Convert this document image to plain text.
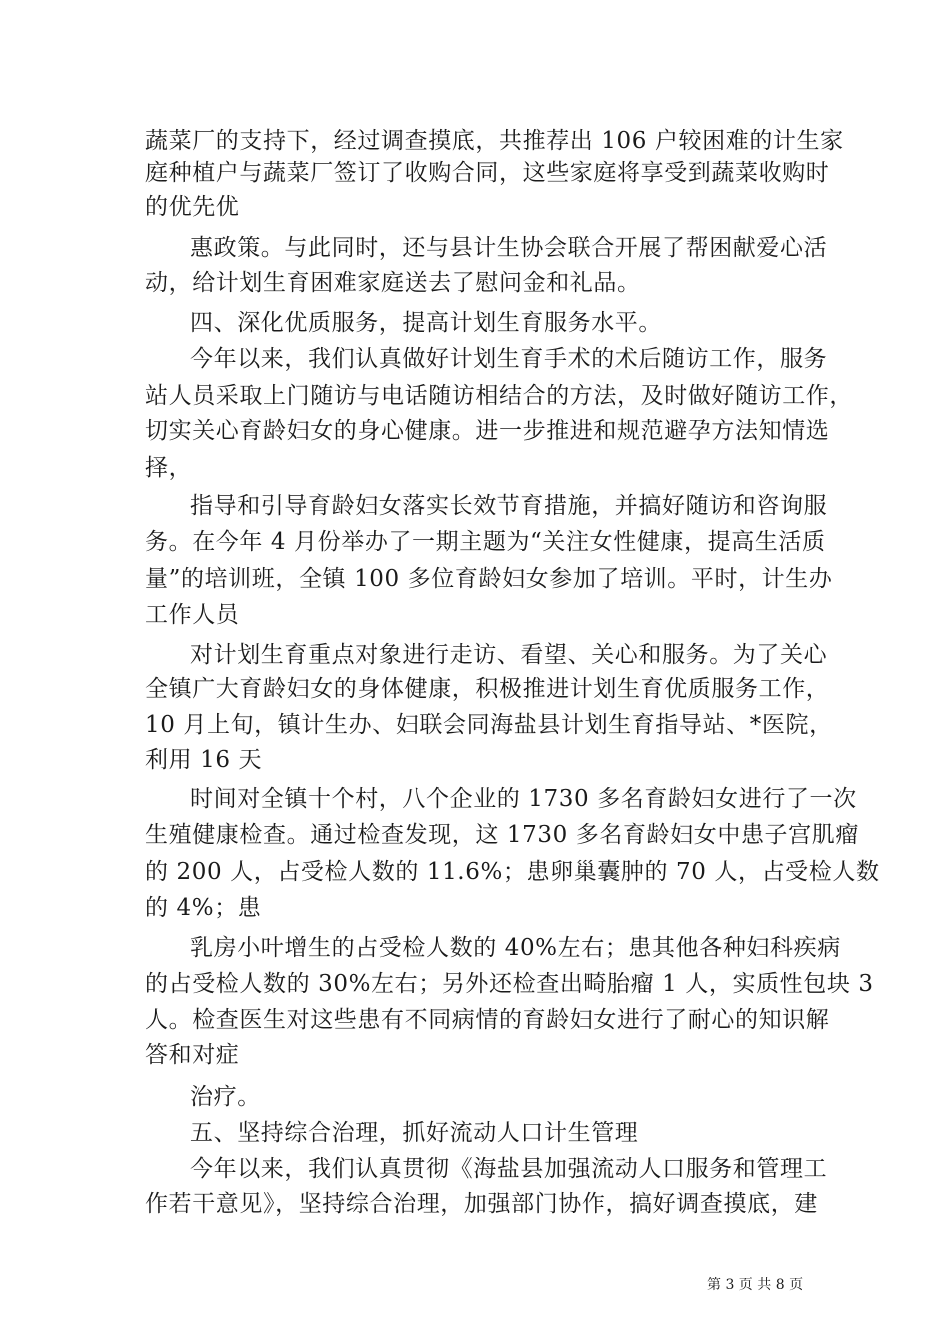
蔬菜厂的支持下，经过调查摸底，共推荐出 106 户较困难的计生家
庭种植户与蔬菜厂签订了收购合同，这些家庭将享受到蔬菜收购时
的优先优
惠政策。与此同时，还与县计生协会联合开展了帮困献爱心活
动，给计划生育困难家庭送去了慰问金和礼品。
四、深化优质服务，提高计划生育服务水平。
今年以来，我们认真做好计划生育手术的术后随访工作，服务
站人员采取上门随访与电话随访相结合的方法，及时做好随访工作，
切实关心育龄妇女的身心健康。进一步推进和规范避孕方法知情选
择，
指导和引导育龄妇女落实长效节育措施，并搞好随访和咨询服
务。在今年 4 月份举办了一期主题为“关注女性健康，提高生活质
量”的培训班，全镇 100 多位育龄妇女参加了培训。平时，计生办
工作人员
对计划生育重点对象进行走访、看望、关心和服务。为了关心
全镇广大育龄妇女的身体健康，积极推进计划生育优质服务工作，
10 月上旬，镇计生办、妇联会同海盐县计划生育指导站、*医院，
利用 16 天
时间对全镇十个村，八个企业的 1730 多名育龄妇女进行了一次
生殖健康检查。通过检查发现，这 1730 多名育龄妇女中患子宫肌瘤
的 200 人，占受检人数的 11.6%；患卵巢囊肿的 70 人，占受检人数
的 4%；患
乳房小叶增生的占受检人数的 40%左右；患其他各种妇科疾病
的占受检人数的 30%左右；另外还检查出畸胎瘤 1 人，实质性包块 3
人。检查医生对这些患有不同病情的育龄妇女进行了耐心的知识解
答和对症
治疗。
五、坚持综合治理，抓好流动人口计生管理
今年以来，我们认真贯彻《海盐县加强流动人口服务和管理工
作若干意见》，坚持综合治理，加强部门协作，搞好调查摸底，建
第 3 页 共 8 页
